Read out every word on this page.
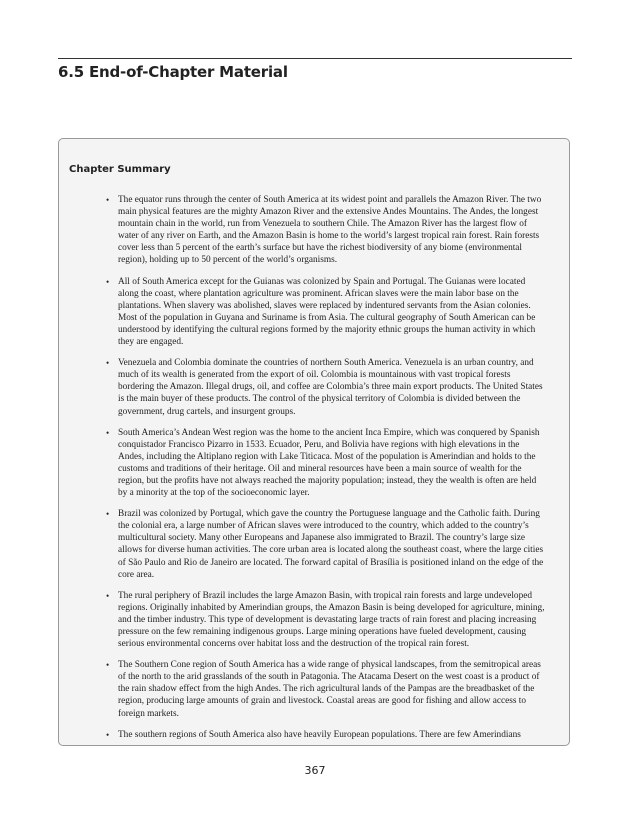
6.5 End-of-Chapter Material
Chapter Summary
• The equator runs through the center of South America at its widest point and parallels the Amazon River. The two main physical features are the mighty Amazon River and the extensive Andes Mountains. The Andes, the longest mountain chain in the world, run from Venezuela to southern Chile. The Amazon River has the largest flow of water of any river on Earth, and the Amazon Basin is home to the world’s largest tropical rain forest. Rain forests cover less than 5 percent of the earth’s surface but have the richest biodiversity of any biome (environmental region), holding up to 50 percent of the world’s organisms.
• All of South America except for the Guianas was colonized by Spain and Portugal. The Guianas were located along the coast, where plantation agriculture was prominent. African slaves were the main labor base on the plantations. When slavery was abolished, slaves were replaced by indentured servants from the Asian colonies. Most of the population in Guyana and Suriname is from Asia. The cultural geography of South American can be understood by identifying the cultural regions formed by the majority ethnic groups the human activity in which they are engaged.
• Venezuela and Colombia dominate the countries of northern South America. Venezuela is an urban country, and much of its wealth is generated from the export of oil. Colombia is mountainous with vast tropical forests bordering the Amazon. Illegal drugs, oil, and coffee are Colombia’s three main export products. The United States is the main buyer of these products. The control of the physical territory of Colombia is divided between the government, drug cartels, and insurgent groups.
• South America’s Andean West region was the home to the ancient Inca Empire, which was conquered by Spanish conquistador Francisco Pizarro in 1533. Ecuador, Peru, and Bolivia have regions with high elevations in the Andes, including the Altiplano region with Lake Titicaca. Most of the population is Amerindian and holds to the customs and traditions of their heritage. Oil and mineral resources have been a main source of wealth for the region, but the profits have not always reached the majority population; instead, they the wealth is often are held by a minority at the top of the socioeconomic layer.
• Brazil was colonized by Portugal, which gave the country the Portuguese language and the Catholic faith. During the colonial era, a large number of African slaves were introduced to the country, which added to the country’s multicultural society. Many other Europeans and Japanese also immigrated to Brazil. The country’s large size allows for diverse human activities. The core urban area is located along the southeast coast, where the large cities of São Paulo and Rio de Janeiro are located. The forward capital of Brasília is positioned inland on the edge of the core area.
• The rural periphery of Brazil includes the large Amazon Basin, with tropical rain forests and large undeveloped regions. Originally inhabited by Amerindian groups, the Amazon Basin is being developed for agriculture, mining, and the timber industry. This type of development is devastating large tracts of rain forest and placing increasing pressure on the few remaining indigenous groups. Large mining operations have fueled development, causing serious environmental concerns over habitat loss and the destruction of the tropical rain forest.
• The Southern Cone region of South America has a wide range of physical landscapes, from the semitropical areas of the north to the arid grasslands of the south in Patagonia. The Atacama Desert on the west coast is a product of the rain shadow effect from the high Andes. The rich agricultural lands of the Pampas are the breadbasket of the region, producing large amounts of grain and livestock. Coastal areas are good for fishing and allow access to foreign markets.
• The southern regions of South America also have heavily European populations. There are few Amerindians
367
